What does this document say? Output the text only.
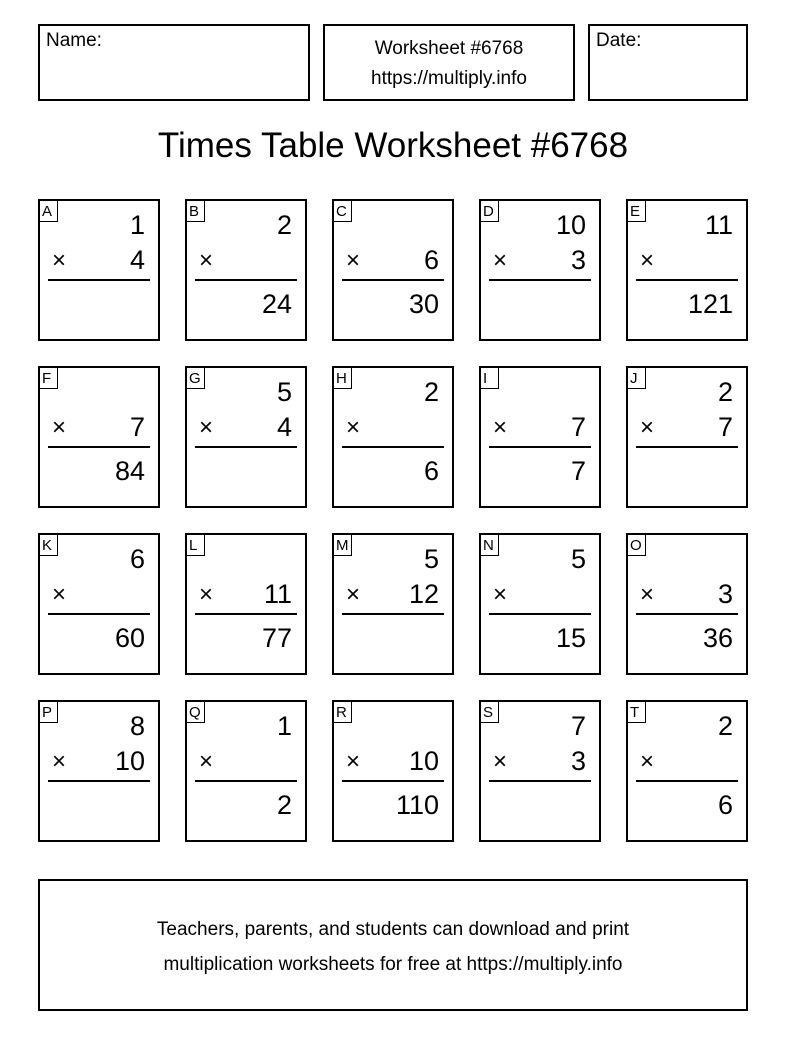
Name:	Worksheet #6768
https://multiply.info
Date:
Times Table Worksheet #6768
A	1
× 4
B	2
×
24
C
× 6
30
D 10
× 3
E 11
×
121
F
× 7
84
G	5
× 4
H	2
×
6
I
× 7
7
J	2
× 7
K	6
×
60
L
× 11
77
M	5
× 12
N	5
×
15
O
× 3
36
P	8
× 10
Q	1
×
2
R
× 10
110
S	7
× 3
T	2
×
6
Teachers, parents, and students can download and print
multiplication worksheets for free at https://multiply.info
